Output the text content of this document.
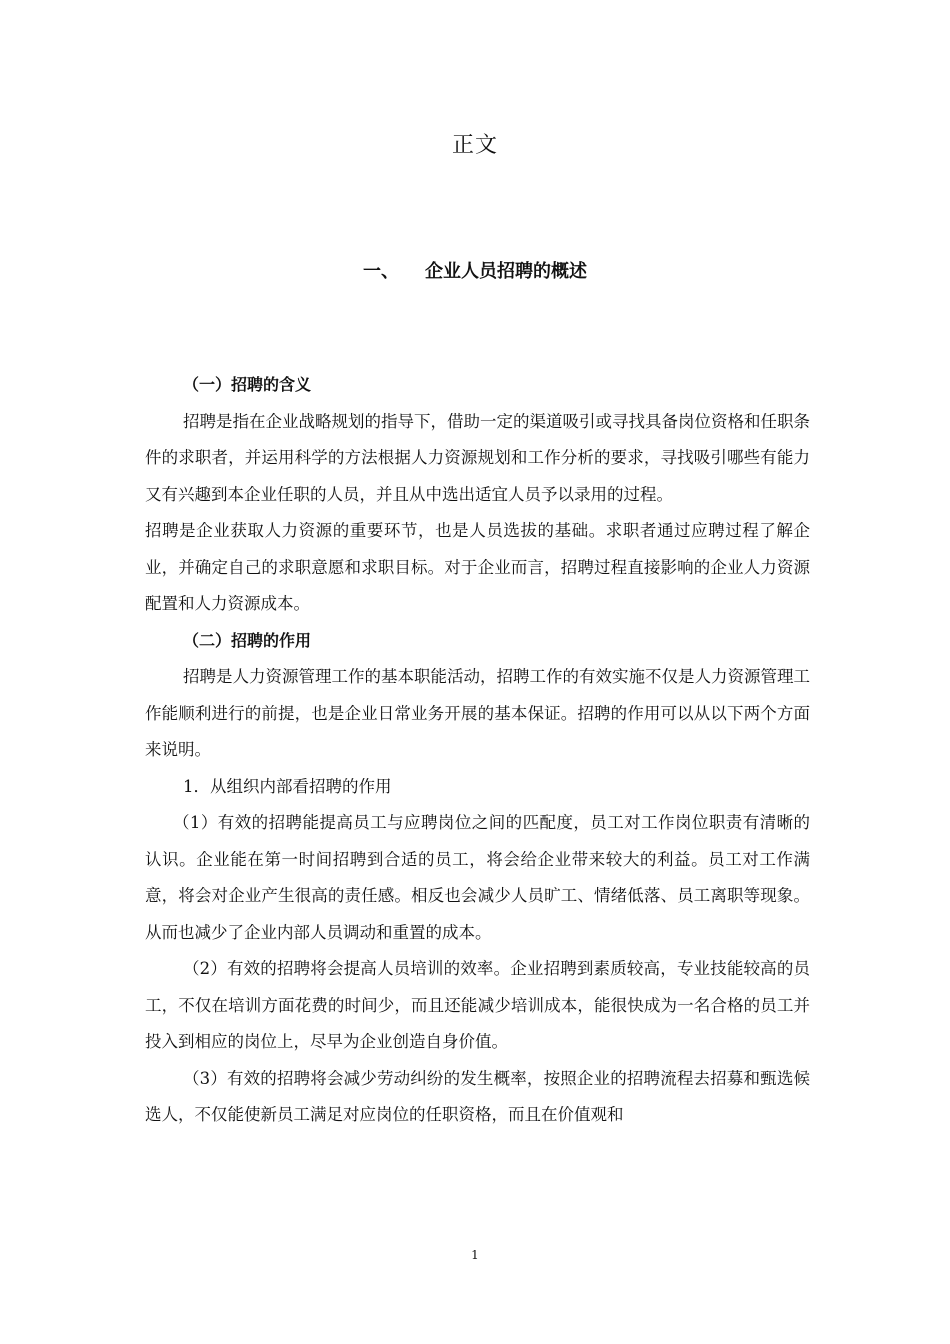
正文
一、 企业人员招聘的概述

（一）招聘的含义

招聘是指在企业战略规划的指导下，借助一定的渠道吸引或寻找具备岗位资格和任职条件的求职者，并运用科学的方法根据人力资源规划和工作分析的要求，寻找吸引哪些有能力又有兴趣到本企业任职的人员，并且从中选出适宜人员予以录用的过程。

招聘是企业获取人力资源的重要环节，也是人员选拔的基础。求职者通过应聘过程了解企业，并确定自己的求职意愿和求职目标。对于企业而言，招聘过程直接影响的企业人力资源配置和人力资源成本。

（二）招聘的作用

招聘是人力资源管理工作的基本职能活动，招聘工作的有效实施不仅是人力资源管理工作能顺利进行的前提，也是企业日常业务开展的基本保证。招聘的作用可以从以下两个方面来说明。

1．从组织内部看招聘的作用

（1）有效的招聘能提高员工与应聘岗位之间的匹配度，员工对工作岗位职责有清晰的认识。企业能在第一时间招聘到合适的员工，将会给企业带来较大的利益。员工对工作满意，将会对企业产生很高的责任感。相反也会减少人员旷工、情绪低落、员工离职等现象。从而也减少了企业内部人员调动和重置的成本。

（2）有效的招聘将会提高人员培训的效率。企业招聘到素质较高，专业技能较高的员工，不仅在培训方面花费的时间少，而且还能减少培训成本，能很快成为一名合格的员工并投入到相应的岗位上，尽早为企业创造自身价值。

（3）有效的招聘将会减少劳动纠纷的发生概率，按照企业的招聘流程去招募和甄选候选人，不仅能使新员工满足对应岗位的任职资格，而且在价值观和

1
